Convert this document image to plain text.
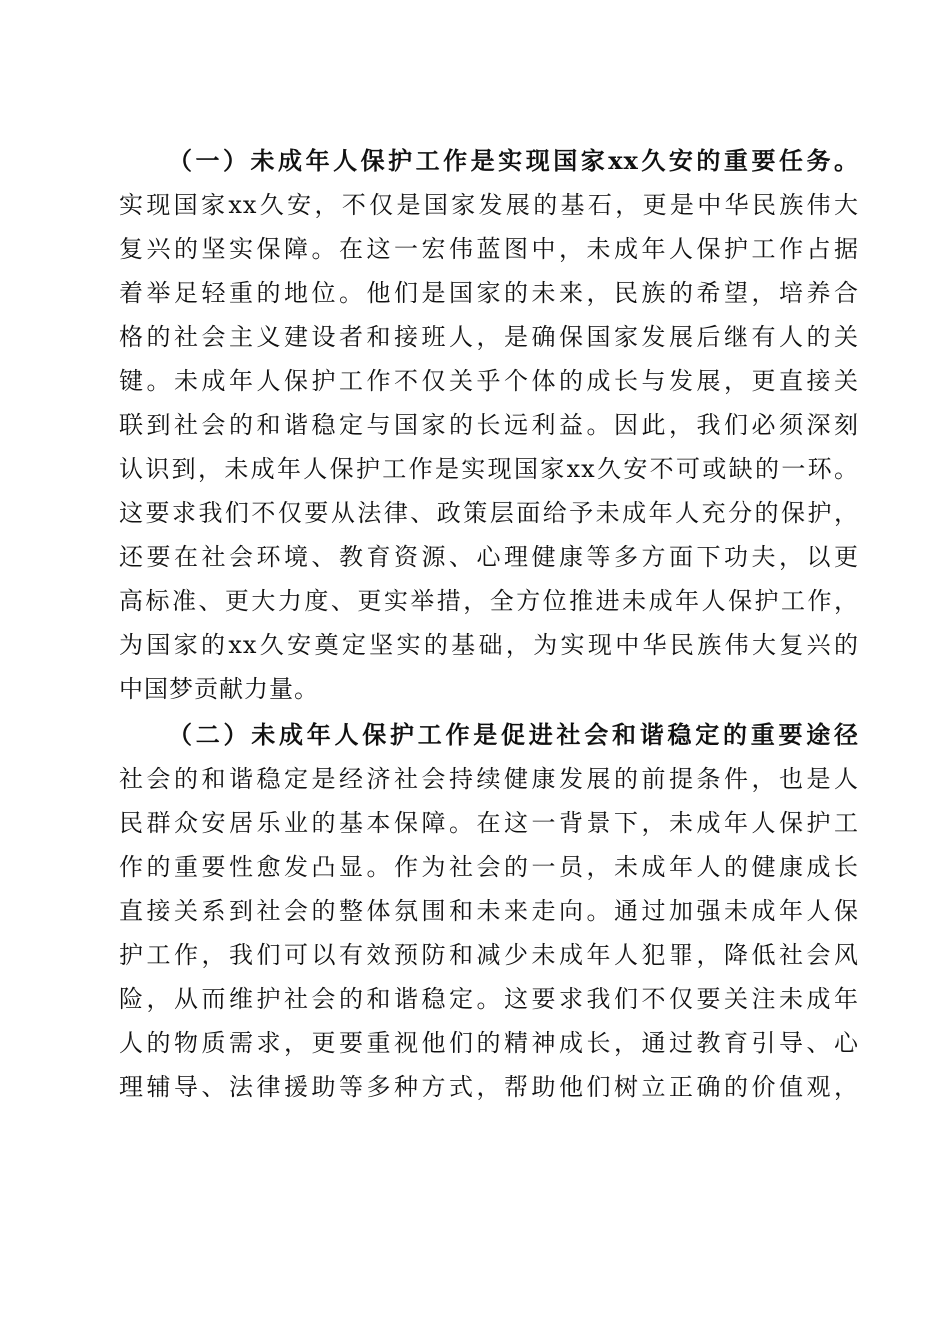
（一）未成年人保护工作是实现国家xx久安的重要任务。
实现国家xx久安，不仅是国家发展的基石，更是中华民族伟大
复兴的坚实保障。在这一宏伟蓝图中，未成年人保护工作占据
着举足轻重的地位。他们是国家的未来，民族的希望，培养合
格的社会主义建设者和接班人，是确保国家发展后继有人的关
键。未成年人保护工作不仅关乎个体的成长与发展，更直接关
联到社会的和谐稳定与国家的长远利益。因此，我们必须深刻
认识到，未成年人保护工作是实现国家xx久安不可或缺的一环。
这要求我们不仅要从法律、政策层面给予未成年人充分的保护，
还要在社会环境、教育资源、心理健康等多方面下功夫，以更
高标准、更大力度、更实举措，全方位推进未成年人保护工作，
为国家的xx久安奠定坚实的基础，为实现中华民族伟大复兴的
中国梦贡献力量。
（二）未成年人保护工作是促进社会和谐稳定的重要途径
社会的和谐稳定是经济社会持续健康发展的前提条件，也是人
民群众安居乐业的基本保障。在这一背景下，未成年人保护工
作的重要性愈发凸显。作为社会的一员，未成年人的健康成长
直接关系到社会的整体氛围和未来走向。通过加强未成年人保
护工作，我们可以有效预防和减少未成年人犯罪，降低社会风
险，从而维护社会的和谐稳定。这要求我们不仅要关注未成年
人的物质需求，更要重视他们的精神成长，通过教育引导、心
理辅导、法律援助等多种方式，帮助他们树立正确的价值观，
